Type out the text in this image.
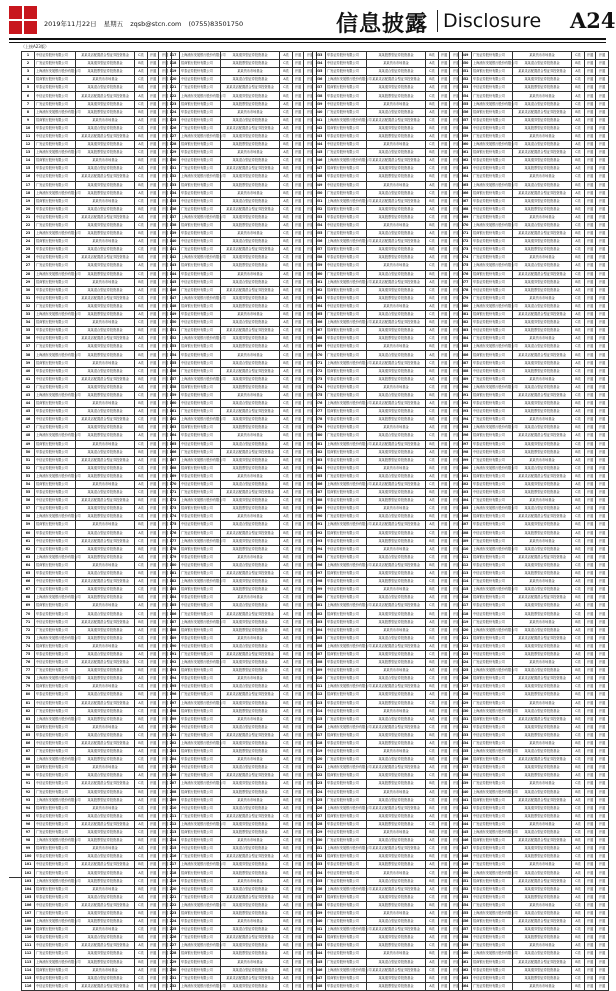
2019年11月22日 星期五 zqsb@stcn.com (0755)83501750	信息披露 Disclosure A24
（上接A23版）
1	中信证券股份有限公司	某某灵活配置混合型证券投资基金	C类	开通	开通
2	广发证券股份有限公司	某某债券型证券投资基金	B类	开通	开通
3	上海浦东发展银行股份有限公司	某某股票型证券投资基金	A类	开通	开通
4	招商银行股份有限公司	某某货币市场基金	C类	开通	开通
5	华泰证券股份有限公司	某某混合型证券投资基金	B类	开通	开通
6	中信证券股份有限公司	某某灵活配置混合型证券投资基金	A类	开通	开通
7	广发证券股份有限公司	某某债券型证券投资基金	C类	开通	开通
8	上海浦东发展银行股份有限公司	某某股票型证券投资基金	B类	开通	开通
9	招商银行股份有限公司	某某货币市场基金	A类	开通	开通
10	华泰证券股份有限公司	某某混合型证券投资基金	C类	开通	开通
11	中信证券股份有限公司	某某灵活配置混合型证券投资基金	B类	开通	开通
12	广发证券股份有限公司	某某债券型证券投资基金	A类	开通	开通
13	上海浦东发展银行股份有限公司	某某股票型证券投资基金	C类	开通	开通
14	招商银行股份有限公司	某某货币市场基金	B类	开通	开通
15	华泰证券股份有限公司	某某混合型证券投资基金	A类	开通	开通
16	中信证券股份有限公司	某某灵活配置混合型证券投资基金	C类	开通	开通
17	广发证券股份有限公司	某某债券型证券投资基金	B类	开通	开通
18	上海浦东发展银行股份有限公司	某某股票型证券投资基金	A类	开通	开通
19	招商银行股份有限公司	某某货币市场基金	C类	开通	开通
20	华泰证券股份有限公司	某某混合型证券投资基金	B类	开通	开通
21	中信证券股份有限公司	某某灵活配置混合型证券投资基金	A类	开通	开通
22	广发证券股份有限公司	某某债券型证券投资基金	C类	开通	开通
23	上海浦东发展银行股份有限公司	某某股票型证券投资基金	B类	开通	开通
24	招商银行股份有限公司	某某货币市场基金	A类	开通	开通
25	华泰证券股份有限公司	某某混合型证券投资基金	C类	开通	开通
26	中信证券股份有限公司	某某灵活配置混合型证券投资基金	B类	开通	开通
27	广发证券股份有限公司	某某债券型证券投资基金	A类	开通	开通
28	上海浦东发展银行股份有限公司	某某股票型证券投资基金	C类	开通	开通
29	招商银行股份有限公司	某某货币市场基金	B类	开通	开通
30	华泰证券股份有限公司	某某混合型证券投资基金	A类	开通	开通
31	中信证券股份有限公司	某某灵活配置混合型证券投资基金	C类	开通	开通
32	广发证券股份有限公司	某某债券型证券投资基金	B类	开通	开通
33	上海浦东发展银行股份有限公司	某某股票型证券投资基金	A类	开通	开通
34	招商银行股份有限公司	某某货币市场基金	C类	开通	开通
35	华泰证券股份有限公司	某某混合型证券投资基金	B类	开通	开通
36	中信证券股份有限公司	某某灵活配置混合型证券投资基金	A类	开通	开通
37	广发证券股份有限公司	某某债券型证券投资基金	C类	开通	开通
38	上海浦东发展银行股份有限公司	某某股票型证券投资基金	B类	开通	开通
39	招商银行股份有限公司	某某货币市场基金	A类	开通	开通
40	华泰证券股份有限公司	某某混合型证券投资基金	C类	开通	开通
41	中信证券股份有限公司	某某灵活配置混合型证券投资基金	B类	开通	开通
42	广发证券股份有限公司	某某债券型证券投资基金	A类	开通	开通
43	上海浦东发展银行股份有限公司	某某股票型证券投资基金	C类	开通	开通
44	招商银行股份有限公司	某某货币市场基金	B类	开通	开通
45	华泰证券股份有限公司	某某混合型证券投资基金	A类	开通	开通
46	中信证券股份有限公司	某某灵活配置混合型证券投资基金	C类	开通	开通
47	广发证券股份有限公司	某某债券型证券投资基金	B类	开通	开通
48	上海浦东发展银行股份有限公司	某某股票型证券投资基金	A类	开通	开通
49	招商银行股份有限公司	某某货币市场基金	C类	开通	开通
50	华泰证券股份有限公司	某某混合型证券投资基金	B类	开通	开通
51	中信证券股份有限公司	某某灵活配置混合型证券投资基金	A类	开通	开通
52	广发证券股份有限公司	某某债券型证券投资基金	C类	开通	开通
53	上海浦东发展银行股份有限公司	某某股票型证券投资基金	B类	开通	开通
54	招商银行股份有限公司	某某货币市场基金	A类	开通	开通
55	华泰证券股份有限公司	某某混合型证券投资基金	C类	开通	开通
56	中信证券股份有限公司	某某灵活配置混合型证券投资基金	B类	开通	开通
57	广发证券股份有限公司	某某债券型证券投资基金	A类	开通	开通
58	上海浦东发展银行股份有限公司	某某股票型证券投资基金	C类	开通	开通
59	招商银行股份有限公司	某某货币市场基金	B类	开通	开通
60	华泰证券股份有限公司	某某混合型证券投资基金	A类	开通	开通
61	中信证券股份有限公司	某某灵活配置混合型证券投资基金	C类	开通	开通
62	广发证券股份有限公司	某某债券型证券投资基金	B类	开通	开通
63	上海浦东发展银行股份有限公司	某某股票型证券投资基金	A类	开通	开通
64	招商银行股份有限公司	某某货币市场基金	C类	开通	开通
65	华泰证券股份有限公司	某某混合型证券投资基金	B类	开通	开通
66	中信证券股份有限公司	某某灵活配置混合型证券投资基金	A类	开通	开通
67	广发证券股份有限公司	某某债券型证券投资基金	C类	开通	开通
68	上海浦东发展银行股份有限公司	某某股票型证券投资基金	B类	开通	开通
69	招商银行股份有限公司	某某货币市场基金	A类	开通	开通
70	华泰证券股份有限公司	某某混合型证券投资基金	C类	开通	开通
71	中信证券股份有限公司	某某灵活配置混合型证券投资基金	B类	开通	开通
72	广发证券股份有限公司	某某债券型证券投资基金	A类	开通	开通
73	上海浦东发展银行股份有限公司	某某股票型证券投资基金	C类	开通	开通
74	招商银行股份有限公司	某某货币市场基金	B类	开通	开通
75	华泰证券股份有限公司	某某混合型证券投资基金	A类	开通	开通
76	中信证券股份有限公司	某某灵活配置混合型证券投资基金	C类	开通	开通
77	广发证券股份有限公司	某某债券型证券投资基金	B类	开通	开通
78	上海浦东发展银行股份有限公司	某某股票型证券投资基金	A类	开通	开通
79	招商银行股份有限公司	某某货币市场基金	C类	开通	开通
80	华泰证券股份有限公司	某某混合型证券投资基金	B类	开通	开通
81	中信证券股份有限公司	某某灵活配置混合型证券投资基金	A类	开通	开通
82	广发证券股份有限公司	某某债券型证券投资基金	C类	开通	开通
83	上海浦东发展银行股份有限公司	某某股票型证券投资基金	B类	开通	开通
84	招商银行股份有限公司	某某货币市场基金	A类	开通	开通
85	华泰证券股份有限公司	某某混合型证券投资基金	C类	开通	开通
86	中信证券股份有限公司	某某灵活配置混合型证券投资基金	B类	开通	开通
87	广发证券股份有限公司	某某债券型证券投资基金	A类	开通	开通
88	上海浦东发展银行股份有限公司	某某股票型证券投资基金	C类	开通	开通
89	招商银行股份有限公司	某某货币市场基金	B类	开通	开通
90	华泰证券股份有限公司	某某混合型证券投资基金	A类	开通	开通
91	中信证券股份有限公司	某某灵活配置混合型证券投资基金	C类	开通	开通
92	广发证券股份有限公司	某某债券型证券投资基金	B类	开通	开通
93	上海浦东发展银行股份有限公司	某某股票型证券投资基金	A类	开通	开通
94	招商银行股份有限公司	某某货币市场基金	C类	开通	开通
95	华泰证券股份有限公司	某某混合型证券投资基金	B类	开通	开通
96	中信证券股份有限公司	某某灵活配置混合型证券投资基金	A类	开通	开通
97	广发证券股份有限公司	某某债券型证券投资基金	C类	开通	开通
98	上海浦东发展银行股份有限公司	某某股票型证券投资基金	B类	开通	开通
99	招商银行股份有限公司	某某货币市场基金	A类	开通	开通
100	华泰证券股份有限公司	某某混合型证券投资基金	C类	开通	开通
101	中信证券股份有限公司	某某灵活配置混合型证券投资基金	B类	开通	开通
102	广发证券股份有限公司	某某债券型证券投资基金	A类	开通	开通
103	上海浦东发展银行股份有限公司	某某股票型证券投资基金	C类	开通	开通
104	招商银行股份有限公司	某某货币市场基金	B类	开通	开通
105	华泰证券股份有限公司	某某混合型证券投资基金	A类	开通	开通
106	中信证券股份有限公司	某某灵活配置混合型证券投资基金	C类	开通	开通
107	广发证券股份有限公司	某某债券型证券投资基金	B类	开通	开通
108	上海浦东发展银行股份有限公司	某某股票型证券投资基金	A类	开通	开通
109	招商银行股份有限公司	某某货币市场基金	C类	开通	开通
110	华泰证券股份有限公司	某某混合型证券投资基金	B类	开通	开通
111	中信证券股份有限公司	某某灵活配置混合型证券投资基金	A类	开通	开通
112	广发证券股份有限公司	某某债券型证券投资基金	C类	开通	开通
113	上海浦东发展银行股份有限公司	某某股票型证券投资基金	B类	开通	开通
114	招商银行股份有限公司	某某货币市场基金	A类	开通	开通
115	华泰证券股份有限公司	某某混合型证券投资基金	C类	开通	开通
116	中信证券股份有限公司	某某灵活配置混合型证券投资基金	B类	开通	开通
117	上海浦东发展银行股份有限公司	某某债券型证券投资基金	A类	开通	开通
118	招商银行股份有限公司	某某股票型证券投资基金	C类	开通	开通
119	华泰证券股份有限公司	某某货币市场基金	B类	开通	开通
120	中信证券股份有限公司	某某混合型证券投资基金	A类	开通	开通
121	广发证券股份有限公司	某某灵活配置混合型证券投资基金	C类	开通	开通
122	上海浦东发展银行股份有限公司	某某债券型证券投资基金	B类	开通	开通
123	招商银行股份有限公司	某某股票型证券投资基金	A类	开通	开通
124	华泰证券股份有限公司	某某货币市场基金	C类	开通	开通
125	中信证券股份有限公司	某某混合型证券投资基金	B类	开通	开通
126	广发证券股份有限公司	某某灵活配置混合型证券投资基金	A类	开通	开通
127	上海浦东发展银行股份有限公司	某某债券型证券投资基金	C类	开通	开通
128	招商银行股份有限公司	某某股票型证券投资基金	B类	开通	开通
129	华泰证券股份有限公司	某某货币市场基金	A类	开通	开通
130	中信证券股份有限公司	某某混合型证券投资基金	C类	开通	开通
131	广发证券股份有限公司	某某灵活配置混合型证券投资基金	B类	开通	开通
132	上海浦东发展银行股份有限公司	某某债券型证券投资基金	A类	开通	开通
133	招商银行股份有限公司	某某股票型证券投资基金	C类	开通	开通
134	华泰证券股份有限公司	某某货币市场基金	B类	开通	开通
135	中信证券股份有限公司	某某混合型证券投资基金	A类	开通	开通
136	广发证券股份有限公司	某某灵活配置混合型证券投资基金	C类	开通	开通
137	上海浦东发展银行股份有限公司	某某债券型证券投资基金	B类	开通	开通
138	招商银行股份有限公司	某某股票型证券投资基金	A类	开通	开通
139	华泰证券股份有限公司	某某货币市场基金	C类	开通	开通
140	中信证券股份有限公司	某某混合型证券投资基金	B类	开通	开通
141	广发证券股份有限公司	某某灵活配置混合型证券投资基金	A类	开通	开通
142	上海浦东发展银行股份有限公司	某某债券型证券投资基金	C类	开通	开通
143	招商银行股份有限公司	某某股票型证券投资基金	B类	开通	开通
144	华泰证券股份有限公司	某某货币市场基金	A类	开通	开通
145	中信证券股份有限公司	某某混合型证券投资基金	C类	开通	开通
146	广发证券股份有限公司	某某灵活配置混合型证券投资基金	B类	开通	开通
147	上海浦东发展银行股份有限公司	某某债券型证券投资基金	A类	开通	开通
148	招商银行股份有限公司	某某股票型证券投资基金	C类	开通	开通
149	华泰证券股份有限公司	某某货币市场基金	B类	开通	开通
150	中信证券股份有限公司	某某混合型证券投资基金	A类	开通	开通
151	广发证券股份有限公司	某某灵活配置混合型证券投资基金	C类	开通	开通
152	上海浦东发展银行股份有限公司	某某债券型证券投资基金	B类	开通	开通
153	招商银行股份有限公司	某某股票型证券投资基金	A类	开通	开通
154	华泰证券股份有限公司	某某货币市场基金	C类	开通	开通
155	中信证券股份有限公司	某某混合型证券投资基金	B类	开通	开通
156	广发证券股份有限公司	某某灵活配置混合型证券投资基金	A类	开通	开通
157	上海浦东发展银行股份有限公司	某某债券型证券投资基金	C类	开通	开通
158	招商银行股份有限公司	某某股票型证券投资基金	B类	开通	开通
159	华泰证券股份有限公司	某某货币市场基金	A类	开通	开通
160	中信证券股份有限公司	某某混合型证券投资基金	C类	开通	开通
161	广发证券股份有限公司	某某灵活配置混合型证券投资基金	B类	开通	开通
162	上海浦东发展银行股份有限公司	某某债券型证券投资基金	A类	开通	开通
163	招商银行股份有限公司	某某股票型证券投资基金	C类	开通	开通
164	华泰证券股份有限公司	某某货币市场基金	B类	开通	开通
165	中信证券股份有限公司	某某混合型证券投资基金	A类	开通	开通
166	广发证券股份有限公司	某某灵活配置混合型证券投资基金	C类	开通	开通
167	上海浦东发展银行股份有限公司	某某债券型证券投资基金	B类	开通	开通
168	招商银行股份有限公司	某某股票型证券投资基金	A类	开通	开通
169	华泰证券股份有限公司	某某货币市场基金	C类	开通	开通
170	中信证券股份有限公司	某某混合型证券投资基金	B类	开通	开通
171	广发证券股份有限公司	某某灵活配置混合型证券投资基金	A类	开通	开通
172	上海浦东发展银行股份有限公司	某某债券型证券投资基金	C类	开通	开通
173	招商银行股份有限公司	某某股票型证券投资基金	B类	开通	开通
174	华泰证券股份有限公司	某某货币市场基金	A类	开通	开通
175	中信证券股份有限公司	某某混合型证券投资基金	C类	开通	开通
176	广发证券股份有限公司	某某灵活配置混合型证券投资基金	B类	开通	开通
177	上海浦东发展银行股份有限公司	某某债券型证券投资基金	A类	开通	开通
178	招商银行股份有限公司	某某股票型证券投资基金	C类	开通	开通
179	华泰证券股份有限公司	某某货币市场基金	B类	开通	开通
180	中信证券股份有限公司	某某混合型证券投资基金	A类	开通	开通
181	广发证券股份有限公司	某某灵活配置混合型证券投资基金	C类	开通	开通
182	上海浦东发展银行股份有限公司	某某债券型证券投资基金	B类	开通	开通
183	招商银行股份有限公司	某某股票型证券投资基金	A类	开通	开通
184	华泰证券股份有限公司	某某货币市场基金	C类	开通	开通
185	中信证券股份有限公司	某某混合型证券投资基金	B类	开通	开通
186	广发证券股份有限公司	某某灵活配置混合型证券投资基金	A类	开通	开通
187	上海浦东发展银行股份有限公司	某某债券型证券投资基金	C类	开通	开通
188	招商银行股份有限公司	某某股票型证券投资基金	B类	开通	开通
189	华泰证券股份有限公司	某某货币市场基金	A类	开通	开通
190	中信证券股份有限公司	某某混合型证券投资基金	C类	开通	开通
191	广发证券股份有限公司	某某灵活配置混合型证券投资基金	B类	开通	开通
192	上海浦东发展银行股份有限公司	某某债券型证券投资基金	A类	开通	开通
193	招商银行股份有限公司	某某股票型证券投资基金	C类	开通	开通
194	华泰证券股份有限公司	某某货币市场基金	B类	开通	开通
195	中信证券股份有限公司	某某混合型证券投资基金	A类	开通	开通
196	广发证券股份有限公司	某某灵活配置混合型证券投资基金	C类	开通	开通
197	上海浦东发展银行股份有限公司	某某债券型证券投资基金	B类	开通	开通
198	招商银行股份有限公司	某某股票型证券投资基金	A类	开通	开通
199	华泰证券股份有限公司	某某货币市场基金	C类	开通	开通
200	中信证券股份有限公司	某某混合型证券投资基金	B类	开通	开通
201	广发证券股份有限公司	某某灵活配置混合型证券投资基金	A类	开通	开通
202	上海浦东发展银行股份有限公司	某某债券型证券投资基金	C类	开通	开通
203	招商银行股份有限公司	某某股票型证券投资基金	B类	开通	开通
204	华泰证券股份有限公司	某某货币市场基金	A类	开通	开通
205	中信证券股份有限公司	某某混合型证券投资基金	C类	开通	开通
206	广发证券股份有限公司	某某灵活配置混合型证券投资基金	B类	开通	开通
207	上海浦东发展银行股份有限公司	某某债券型证券投资基金	A类	开通	开通
208	招商银行股份有限公司	某某股票型证券投资基金	C类	开通	开通
209	华泰证券股份有限公司	某某货币市场基金	B类	开通	开通
210	中信证券股份有限公司	某某混合型证券投资基金	A类	开通	开通
211	广发证券股份有限公司	某某灵活配置混合型证券投资基金	C类	开通	开通
212	上海浦东发展银行股份有限公司	某某债券型证券投资基金	B类	开通	开通
213	招商银行股份有限公司	某某股票型证券投资基金	A类	开通	开通
214	华泰证券股份有限公司	某某货币市场基金	C类	开通	开通
215	中信证券股份有限公司	某某混合型证券投资基金	B类	开通	开通
216	广发证券股份有限公司	某某灵活配置混合型证券投资基金	A类	开通	开通
217	上海浦东发展银行股份有限公司	某某债券型证券投资基金	C类	开通	开通
218	招商银行股份有限公司	某某股票型证券投资基金	B类	开通	开通
219	华泰证券股份有限公司	某某货币市场基金	A类	开通	开通
220	中信证券股份有限公司	某某混合型证券投资基金	C类	开通	开通
221	广发证券股份有限公司	某某灵活配置混合型证券投资基金	B类	开通	开通
222	上海浦东发展银行股份有限公司	某某债券型证券投资基金	A类	开通	开通
223	招商银行股份有限公司	某某股票型证券投资基金	C类	开通	开通
224	华泰证券股份有限公司	某某货币市场基金	B类	开通	开通
225	中信证券股份有限公司	某某混合型证券投资基金	A类	开通	开通
226	广发证券股份有限公司	某某灵活配置混合型证券投资基金	C类	开通	开通
227	上海浦东发展银行股份有限公司	某某债券型证券投资基金	B类	开通	开通
228	招商银行股份有限公司	某某股票型证券投资基金	A类	开通	开通
229	华泰证券股份有限公司	某某货币市场基金	C类	开通	开通
230	中信证券股份有限公司	某某混合型证券投资基金	B类	开通	开通
231	广发证券股份有限公司	某某灵活配置混合型证券投资基金	A类	开通	开通
232	上海浦东发展银行股份有限公司	某某债券型证券投资基金	C类	开通	开通
233	华泰证券股份有限公司	某某股票型证券投资基金	B类	开通	开通
234	中信证券股份有限公司	某某货币市场基金	A类	开通	开通
235	广发证券股份有限公司	某某混合型证券投资基金	C类	开通	开通
236	上海浦东发展银行股份有限公司	某某灵活配置混合型证券投资基金	B类	开通	开通
237	招商银行股份有限公司	某某债券型证券投资基金	A类	开通	开通
238	华泰证券股份有限公司	某某股票型证券投资基金	C类	开通	开通
239	中信证券股份有限公司	某某货币市场基金	B类	开通	开通
240	广发证券股份有限公司	某某混合型证券投资基金	A类	开通	开通
241	上海浦东发展银行股份有限公司	某某灵活配置混合型证券投资基金	C类	开通	开通
242	招商银行股份有限公司	某某债券型证券投资基金	B类	开通	开通
243	华泰证券股份有限公司	某某股票型证券投资基金	A类	开通	开通
244	中信证券股份有限公司	某某货币市场基金	C类	开通	开通
245	广发证券股份有限公司	某某混合型证券投资基金	B类	开通	开通
246	上海浦东发展银行股份有限公司	某某灵活配置混合型证券投资基金	A类	开通	开通
247	招商银行股份有限公司	某某债券型证券投资基金	C类	开通	开通
248	华泰证券股份有限公司	某某股票型证券投资基金	B类	开通	开通
249	中信证券股份有限公司	某某货币市场基金	A类	开通	开通
250	广发证券股份有限公司	某某混合型证券投资基金	C类	开通	开通
251	上海浦东发展银行股份有限公司	某某灵活配置混合型证券投资基金	B类	开通	开通
252	招商银行股份有限公司	某某债券型证券投资基金	A类	开通	开通
253	华泰证券股份有限公司	某某股票型证券投资基金	C类	开通	开通
254	中信证券股份有限公司	某某货币市场基金	B类	开通	开通
255	广发证券股份有限公司	某某混合型证券投资基金	A类	开通	开通
256	上海浦东发展银行股份有限公司	某某灵活配置混合型证券投资基金	C类	开通	开通
257	招商银行股份有限公司	某某债券型证券投资基金	B类	开通	开通
258	华泰证券股份有限公司	某某股票型证券投资基金	A类	开通	开通
259	中信证券股份有限公司	某某货币市场基金	C类	开通	开通
260	广发证券股份有限公司	某某混合型证券投资基金	B类	开通	开通
261	上海浦东发展银行股份有限公司	某某灵活配置混合型证券投资基金	A类	开通	开通
262	招商银行股份有限公司	某某债券型证券投资基金	C类	开通	开通
263	华泰证券股份有限公司	某某股票型证券投资基金	B类	开通	开通
264	中信证券股份有限公司	某某货币市场基金	A类	开通	开通
265	广发证券股份有限公司	某某混合型证券投资基金	C类	开通	开通
266	上海浦东发展银行股份有限公司	某某灵活配置混合型证券投资基金	B类	开通	开通
267	招商银行股份有限公司	某某债券型证券投资基金	A类	开通	开通
268	华泰证券股份有限公司	某某股票型证券投资基金	C类	开通	开通
269	中信证券股份有限公司	某某货币市场基金	B类	开通	开通
270	广发证券股份有限公司	某某混合型证券投资基金	A类	开通	开通
271	上海浦东发展银行股份有限公司	某某灵活配置混合型证券投资基金	C类	开通	开通
272	招商银行股份有限公司	某某债券型证券投资基金	B类	开通	开通
273	华泰证券股份有限公司	某某股票型证券投资基金	A类	开通	开通
274	中信证券股份有限公司	某某货币市场基金	C类	开通	开通
275	广发证券股份有限公司	某某混合型证券投资基金	B类	开通	开通
276	上海浦东发展银行股份有限公司	某某灵活配置混合型证券投资基金	A类	开通	开通
277	招商银行股份有限公司	某某债券型证券投资基金	C类	开通	开通
278	华泰证券股份有限公司	某某股票型证券投资基金	B类	开通	开通
279	中信证券股份有限公司	某某货币市场基金	A类	开通	开通
280	广发证券股份有限公司	某某混合型证券投资基金	C类	开通	开通
281	上海浦东发展银行股份有限公司	某某灵活配置混合型证券投资基金	B类	开通	开通
282	招商银行股份有限公司	某某债券型证券投资基金	A类	开通	开通
283	华泰证券股份有限公司	某某股票型证券投资基金	C类	开通	开通
284	中信证券股份有限公司	某某货币市场基金	B类	开通	开通
285	广发证券股份有限公司	某某混合型证券投资基金	A类	开通	开通
286	上海浦东发展银行股份有限公司	某某灵活配置混合型证券投资基金	C类	开通	开通
287	招商银行股份有限公司	某某债券型证券投资基金	B类	开通	开通
288	华泰证券股份有限公司	某某股票型证券投资基金	A类	开通	开通
289	中信证券股份有限公司	某某货币市场基金	C类	开通	开通
290	广发证券股份有限公司	某某混合型证券投资基金	B类	开通	开通
291	上海浦东发展银行股份有限公司	某某灵活配置混合型证券投资基金	A类	开通	开通
292	招商银行股份有限公司	某某债券型证券投资基金	C类	开通	开通
293	华泰证券股份有限公司	某某股票型证券投资基金	B类	开通	开通
294	中信证券股份有限公司	某某货币市场基金	A类	开通	开通
295	广发证券股份有限公司	某某混合型证券投资基金	C类	开通	开通
296	上海浦东发展银行股份有限公司	某某灵活配置混合型证券投资基金	B类	开通	开通
297	招商银行股份有限公司	某某债券型证券投资基金	A类	开通	开通
298	华泰证券股份有限公司	某某股票型证券投资基金	C类	开通	开通
299	中信证券股份有限公司	某某货币市场基金	B类	开通	开通
300	广发证券股份有限公司	某某混合型证券投资基金	A类	开通	开通
301	上海浦东发展银行股份有限公司	某某灵活配置混合型证券投资基金	C类	开通	开通
302	招商银行股份有限公司	某某债券型证券投资基金	B类	开通	开通
303	华泰证券股份有限公司	某某股票型证券投资基金	A类	开通	开通
304	中信证券股份有限公司	某某货币市场基金	C类	开通	开通
305	广发证券股份有限公司	某某混合型证券投资基金	B类	开通	开通
306	上海浦东发展银行股份有限公司	某某灵活配置混合型证券投资基金	A类	开通	开通
307	招商银行股份有限公司	某某债券型证券投资基金	C类	开通	开通
308	华泰证券股份有限公司	某某股票型证券投资基金	B类	开通	开通
309	中信证券股份有限公司	某某货币市场基金	A类	开通	开通
310	广发证券股份有限公司	某某混合型证券投资基金	C类	开通	开通
311	上海浦东发展银行股份有限公司	某某灵活配置混合型证券投资基金	B类	开通	开通
312	招商银行股份有限公司	某某债券型证券投资基金	A类	开通	开通
313	华泰证券股份有限公司	某某股票型证券投资基金	C类	开通	开通
314	中信证券股份有限公司	某某货币市场基金	B类	开通	开通
315	广发证券股份有限公司	某某混合型证券投资基金	A类	开通	开通
316	上海浦东发展银行股份有限公司	某某灵活配置混合型证券投资基金	C类	开通	开通
317	招商银行股份有限公司	某某债券型证券投资基金	B类	开通	开通
318	华泰证券股份有限公司	某某股票型证券投资基金	A类	开通	开通
319	中信证券股份有限公司	某某货币市场基金	C类	开通	开通
320	广发证券股份有限公司	某某混合型证券投资基金	B类	开通	开通
321	上海浦东发展银行股份有限公司	某某灵活配置混合型证券投资基金	A类	开通	开通
322	招商银行股份有限公司	某某债券型证券投资基金	C类	开通	开通
323	华泰证券股份有限公司	某某股票型证券投资基金	B类	开通	开通
324	中信证券股份有限公司	某某货币市场基金	A类	开通	开通
325	广发证券股份有限公司	某某混合型证券投资基金	C类	开通	开通
326	上海浦东发展银行股份有限公司	某某灵活配置混合型证券投资基金	B类	开通	开通
327	招商银行股份有限公司	某某债券型证券投资基金	A类	开通	开通
328	华泰证券股份有限公司	某某股票型证券投资基金	C类	开通	开通
329	中信证券股份有限公司	某某货币市场基金	B类	开通	开通
330	广发证券股份有限公司	某某混合型证券投资基金	A类	开通	开通
331	上海浦东发展银行股份有限公司	某某灵活配置混合型证券投资基金	C类	开通	开通
332	招商银行股份有限公司	某某债券型证券投资基金	B类	开通	开通
333	华泰证券股份有限公司	某某股票型证券投资基金	A类	开通	开通
334	中信证券股份有限公司	某某货币市场基金	C类	开通	开通
335	广发证券股份有限公司	某某混合型证券投资基金	B类	开通	开通
336	上海浦东发展银行股份有限公司	某某灵活配置混合型证券投资基金	A类	开通	开通
337	招商银行股份有限公司	某某债券型证券投资基金	C类	开通	开通
338	华泰证券股份有限公司	某某股票型证券投资基金	B类	开通	开通
339	中信证券股份有限公司	某某货币市场基金	A类	开通	开通
340	广发证券股份有限公司	某某混合型证券投资基金	C类	开通	开通
341	上海浦东发展银行股份有限公司	某某灵活配置混合型证券投资基金	B类	开通	开通
342	招商银行股份有限公司	某某债券型证券投资基金	A类	开通	开通
343	华泰证券股份有限公司	某某股票型证券投资基金	C类	开通	开通
344	中信证券股份有限公司	某某货币市场基金	B类	开通	开通
345	广发证券股份有限公司	某某混合型证券投资基金	A类	开通	开通
346	上海浦东发展银行股份有限公司	某某灵活配置混合型证券投资基金	C类	开通	开通
347	招商银行股份有限公司	某某债券型证券投资基金	B类	开通	开通
348	华泰证券股份有限公司	某某股票型证券投资基金	A类	开通	开通
349	广发证券股份有限公司	某某货币市场基金	C类	开通	开通
350	上海浦东发展银行股份有限公司	某某混合型证券投资基金	B类	开通	开通
351	招商银行股份有限公司	某某灵活配置混合型证券投资基金	A类	开通	开通
352	华泰证券股份有限公司	某某债券型证券投资基金	C类	开通	开通
353	中信证券股份有限公司	某某股票型证券投资基金	B类	开通	开通
354	广发证券股份有限公司	某某货币市场基金	A类	开通	开通
355	上海浦东发展银行股份有限公司	某某混合型证券投资基金	C类	开通	开通
356	招商银行股份有限公司	某某灵活配置混合型证券投资基金	B类	开通	开通
357	华泰证券股份有限公司	某某债券型证券投资基金	A类	开通	开通
358	中信证券股份有限公司	某某股票型证券投资基金	C类	开通	开通
359	广发证券股份有限公司	某某货币市场基金	B类	开通	开通
360	上海浦东发展银行股份有限公司	某某混合型证券投资基金	A类	开通	开通
361	招商银行股份有限公司	某某灵活配置混合型证券投资基金	C类	开通	开通
362	华泰证券股份有限公司	某某债券型证券投资基金	B类	开通	开通
363	中信证券股份有限公司	某某股票型证券投资基金	A类	开通	开通
364	广发证券股份有限公司	某某货币市场基金	C类	开通	开通
365	上海浦东发展银行股份有限公司	某某混合型证券投资基金	B类	开通	开通
366	招商银行股份有限公司	某某灵活配置混合型证券投资基金	A类	开通	开通
367	华泰证券股份有限公司	某某债券型证券投资基金	C类	开通	开通
368	中信证券股份有限公司	某某股票型证券投资基金	B类	开通	开通
369	广发证券股份有限公司	某某货币市场基金	A类	开通	开通
370	上海浦东发展银行股份有限公司	某某混合型证券投资基金	C类	开通	开通
371	招商银行股份有限公司	某某灵活配置混合型证券投资基金	B类	开通	开通
372	华泰证券股份有限公司	某某债券型证券投资基金	A类	开通	开通
373	中信证券股份有限公司	某某股票型证券投资基金	C类	开通	开通
374	广发证券股份有限公司	某某货币市场基金	B类	开通	开通
375	上海浦东发展银行股份有限公司	某某混合型证券投资基金	A类	开通	开通
376	招商银行股份有限公司	某某灵活配置混合型证券投资基金	C类	开通	开通
377	华泰证券股份有限公司	某某债券型证券投资基金	B类	开通	开通
378	中信证券股份有限公司	某某股票型证券投资基金	A类	开通	开通
379	广发证券股份有限公司	某某货币市场基金	C类	开通	开通
380	上海浦东发展银行股份有限公司	某某混合型证券投资基金	B类	开通	开通
381	招商银行股份有限公司	某某灵活配置混合型证券投资基金	A类	开通	开通
382	华泰证券股份有限公司	某某债券型证券投资基金	C类	开通	开通
383	中信证券股份有限公司	某某股票型证券投资基金	B类	开通	开通
384	广发证券股份有限公司	某某货币市场基金	A类	开通	开通
385	上海浦东发展银行股份有限公司	某某混合型证券投资基金	C类	开通	开通
386	招商银行股份有限公司	某某灵活配置混合型证券投资基金	B类	开通	开通
387	华泰证券股份有限公司	某某债券型证券投资基金	A类	开通	开通
388	中信证券股份有限公司	某某股票型证券投资基金	C类	开通	开通
389	广发证券股份有限公司	某某货币市场基金	B类	开通	开通
390	上海浦东发展银行股份有限公司	某某混合型证券投资基金	A类	开通	开通
391	招商银行股份有限公司	某某灵活配置混合型证券投资基金	C类	开通	开通
392	华泰证券股份有限公司	某某债券型证券投资基金	B类	开通	开通
393	中信证券股份有限公司	某某股票型证券投资基金	A类	开通	开通
394	广发证券股份有限公司	某某货币市场基金	C类	开通	开通
395	上海浦东发展银行股份有限公司	某某混合型证券投资基金	B类	开通	开通
396	招商银行股份有限公司	某某灵活配置混合型证券投资基金	A类	开通	开通
397	华泰证券股份有限公司	某某债券型证券投资基金	C类	开通	开通
398	中信证券股份有限公司	某某股票型证券投资基金	B类	开通	开通
399	广发证券股份有限公司	某某货币市场基金	A类	开通	开通
400	上海浦东发展银行股份有限公司	某某混合型证券投资基金	C类	开通	开通
401	招商银行股份有限公司	某某灵活配置混合型证券投资基金	B类	开通	开通
402	华泰证券股份有限公司	某某债券型证券投资基金	A类	开通	开通
403	中信证券股份有限公司	某某股票型证券投资基金	C类	开通	开通
404	广发证券股份有限公司	某某货币市场基金	B类	开通	开通
405	上海浦东发展银行股份有限公司	某某混合型证券投资基金	A类	开通	开通
406	招商银行股份有限公司	某某灵活配置混合型证券投资基金	C类	开通	开通
407	华泰证券股份有限公司	某某债券型证券投资基金	B类	开通	开通
408	中信证券股份有限公司	某某股票型证券投资基金	A类	开通	开通
409	广发证券股份有限公司	某某货币市场基金	C类	开通	开通
410	上海浦东发展银行股份有限公司	某某混合型证券投资基金	B类	开通	开通
411	招商银行股份有限公司	某某灵活配置混合型证券投资基金	A类	开通	开通
412	华泰证券股份有限公司	某某债券型证券投资基金	C类	开通	开通
413	中信证券股份有限公司	某某股票型证券投资基金	B类	开通	开通
414	广发证券股份有限公司	某某货币市场基金	A类	开通	开通
415	上海浦东发展银行股份有限公司	某某混合型证券投资基金	C类	开通	开通
416	招商银行股份有限公司	某某灵活配置混合型证券投资基金	B类	开通	开通
417	华泰证券股份有限公司	某某债券型证券投资基金	A类	开通	开通
418	中信证券股份有限公司	某某股票型证券投资基金	C类	开通	开通
419	广发证券股份有限公司	某某货币市场基金	B类	开通	开通
420	上海浦东发展银行股份有限公司	某某混合型证券投资基金	A类	开通	开通
421	招商银行股份有限公司	某某灵活配置混合型证券投资基金	C类	开通	开通
422	华泰证券股份有限公司	某某债券型证券投资基金	B类	开通	开通
423	中信证券股份有限公司	某某股票型证券投资基金	A类	开通	开通
424	广发证券股份有限公司	某某货币市场基金	C类	开通	开通
425	上海浦东发展银行股份有限公司	某某混合型证券投资基金	B类	开通	开通
426	招商银行股份有限公司	某某灵活配置混合型证券投资基金	A类	开通	开通
427	华泰证券股份有限公司	某某债券型证券投资基金	C类	开通	开通
428	中信证券股份有限公司	某某股票型证券投资基金	B类	开通	开通
429	广发证券股份有限公司	某某货币市场基金	A类	开通	开通
430	上海浦东发展银行股份有限公司	某某混合型证券投资基金	C类	开通	开通
431	招商银行股份有限公司	某某灵活配置混合型证券投资基金	B类	开通	开通
432	华泰证券股份有限公司	某某债券型证券投资基金	A类	开通	开通
433	中信证券股份有限公司	某某股票型证券投资基金	C类	开通	开通
434	广发证券股份有限公司	某某货币市场基金	B类	开通	开通
435	上海浦东发展银行股份有限公司	某某混合型证券投资基金	A类	开通	开通
436	招商银行股份有限公司	某某灵活配置混合型证券投资基金	C类	开通	开通
437	华泰证券股份有限公司	某某债券型证券投资基金	B类	开通	开通
438	中信证券股份有限公司	某某股票型证券投资基金	A类	开通	开通
439	广发证券股份有限公司	某某货币市场基金	C类	开通	开通
440	上海浦东发展银行股份有限公司	某某混合型证券投资基金	B类	开通	开通
441	招商银行股份有限公司	某某灵活配置混合型证券投资基金	A类	开通	开通
442	华泰证券股份有限公司	某某债券型证券投资基金	C类	开通	开通
443	中信证券股份有限公司	某某股票型证券投资基金	B类	开通	开通
444	广发证券股份有限公司	某某货币市场基金	A类	开通	开通
445	上海浦东发展银行股份有限公司	某某混合型证券投资基金	C类	开通	开通
446	招商银行股份有限公司	某某灵活配置混合型证券投资基金	B类	开通	开通
447	华泰证券股份有限公司	某某债券型证券投资基金	A类	开通	开通
448	中信证券股份有限公司	某某股票型证券投资基金	C类	开通	开通
449	广发证券股份有限公司	某某货币市场基金	B类	开通	开通
450	上海浦东发展银行股份有限公司	某某混合型证券投资基金	A类	开通	开通
451	招商银行股份有限公司	某某灵活配置混合型证券投资基金	C类	开通	开通
452	华泰证券股份有限公司	某某债券型证券投资基金	B类	开通	开通
453	中信证券股份有限公司	某某股票型证券投资基金	A类	开通	开通
454	广发证券股份有限公司	某某货币市场基金	C类	开通	开通
455	上海浦东发展银行股份有限公司	某某混合型证券投资基金	B类	开通	开通
456	招商银行股份有限公司	某某灵活配置混合型证券投资基金	A类	开通	开通
457	华泰证券股份有限公司	某某债券型证券投资基金	C类	开通	开通
458	中信证券股份有限公司	某某股票型证券投资基金	B类	开通	开通
459	广发证券股份有限公司	某某货币市场基金	A类	开通	开通
460	上海浦东发展银行股份有限公司	某某混合型证券投资基金	C类	开通	开通
461	招商银行股份有限公司	某某灵活配置混合型证券投资基金	B类	开通	开通
462	华泰证券股份有限公司	某某债券型证券投资基金	A类	开通	开通
463	中信证券股份有限公司	某某股票型证券投资基金	C类	开通	开通
464	广发证券股份有限公司	某某货币市场基金	B类	开通	开通
